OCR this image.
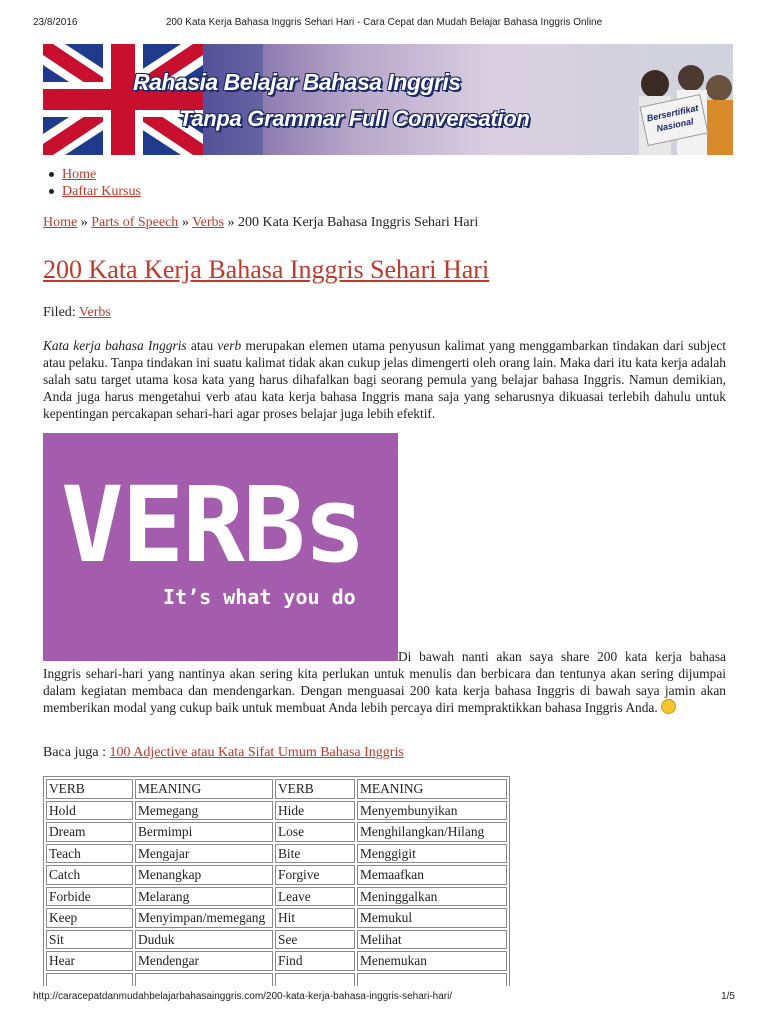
23/8/2016	200 Kata Kerja Bahasa Inggris Sehari Hari - Cara Cepat dan Mudah Belajar Bahasa Inggris Online
Rahasia Belajar Bahasa Inggris
Tanpa Grammar Full Conversation	Bersertifikat Nasional
Home
Daftar Kursus
Home » Parts of Speech » Verbs » 200 Kata Kerja Bahasa Inggris Sehari Hari
200 Kata Kerja Bahasa Inggris Sehari Hari
Filed: Verbs

Kata kerja bahasa Inggris atau verb merupakan elemen utama penyusun kalimat yang menggambarkan tindakan dari subject atau pelaku. Tanpa tindakan ini suatu kalimat tidak akan cukup jelas dimengerti oleh orang lain. Maka dari itu kata kerja adalah salah satu target utama kosa kata yang harus dihafalkan bagi seorang pemula yang belajar bahasa Inggris. Namun demikian, Anda juga harus mengetahui verb atau kata kerja bahasa Inggris mana saja yang seharusnya dikuasai terlebih dahulu untuk kepentingan percakapan sehari-hari agar proses belajar juga lebih efektif.

VERBs
It’s what you do

Di bawah nanti akan saya share 200 kata kerja bahasa Inggris sehari-hari yang nantinya akan sering kita perlukan untuk menulis dan berbicara dan tentunya akan sering dijumpai dalam kegiatan membaca dan mendengarkan. Dengan menguasai 200 kata kerja bahasa Inggris di bawah saya jamin akan memberikan modal yang cukup baik untuk membuat Anda lebih percaya diri mempraktikkan bahasa Inggris Anda.

Baca juga : 100 Adjective atau Kata Sifat Umum Bahasa Inggris
VERB	MEANING	VERB	MEANING
Hold	Memegang	Hide	Menyembunyikan
Dream	Bermimpi	Lose	Menghilangkan/Hilang
Teach	Mengajar	Bite	Menggigit
Catch	Menangkap	Forgive	Memaafkan
Forbide	Melarang	Leave	Meninggalkan
Keep	Menyimpan/memegang	Hit	Memukul
Sit	Duduk	See	Melihat
Hear	Mendengar	Find	Menemukan

http://caracepatdanmudahbelajarbahasainggris.com/200-kata-kerja-bahasa-inggris-sehari-hari/	1/5
